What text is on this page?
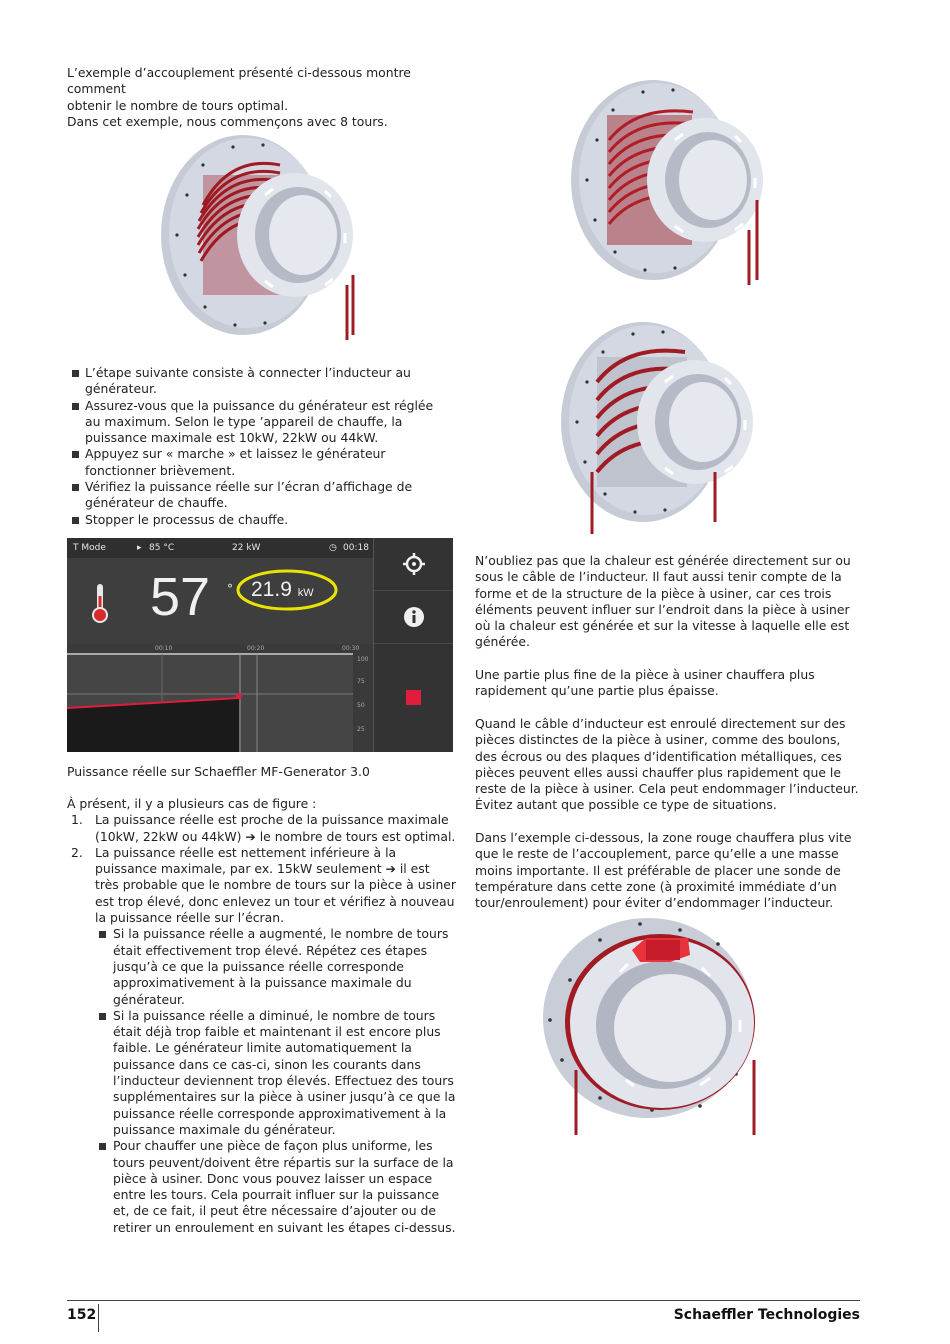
L’exemple d’accouplement présenté ci-dessous montre comment

obtenir le nombre de tours optimal.

Dans cet exemple, nous commençons avec 8 tours.

L’étape suivante consiste à connecter l’inducteur au générateur.
Assurez-vous que la puissance du générateur est réglée au maximum. Selon le type ’appareil de chauffe, la puissance maximale est 10kW, 22kW ou 44kW.
Appuyez sur « marche » et laissez le générateur fonctionner brièvement.
Vérifiez la puissance réelle sur l’écran d’affichage de générateur de chauffe.
Stopper le processus de chauffe.
T Mode	▸ 85 °C	22 kW	◷ 00:18
57 ° 21.9 kW
00:10	00:20	00:30
100
75
50
25
Puissance réelle sur Schaeffler MF-Generator 3.0

À présent, il y a plusieurs cas de figure :

1. La puissance réelle est proche de la puissance maximale (10kW, 22kW ou 44kW) ➔ le nombre de tours est optimal.
2. La puissance réelle est nettement inférieure à la puissance maximale, par ex. 15kW seulement ➔ il est très probable que le nombre de tours sur la pièce à usiner est trop élevé, donc enlevez un tour et vérifiez à nouveau la puissance réelle sur l’écran.
Si la puissance réelle a augmenté, le nombre de tours était effectivement trop élevé. Répétez ces étapes jusqu’à ce que la puissance réelle corresponde approximativement à la puissance maximale du générateur.
Si la puissance réelle a diminué, le nombre de tours était déjà trop faible et maintenant il est encore plus faible. Le générateur limite automatiquement la puissance dans ce cas-ci, sinon les courants dans l’inducteur deviennent trop élevés. Effectuez des tours supplémentaires sur la pièce à usiner jusqu’à ce que la puissance réelle corresponde approximativement à la puissance maximale du générateur.
Pour chauffer une pièce de façon plus uniforme, les tours peuvent/doivent être répartis sur la surface de la pièce à usiner. Donc vous pouvez laisser un espace entre les tours. Cela pourrait influer sur la puissance et, de ce fait, il peut être nécessaire d’ajouter ou de retirer un enroulement en suivant les étapes ci-dessus.

N’oubliez pas que la chaleur est générée directement sur ou sous le câble de l’inducteur. Il faut aussi tenir compte de la forme et de la structure de la pièce à usiner, car ces trois éléments peuvent influer sur l’endroit dans la pièce à usiner où la chaleur est générée et sur la vitesse à laquelle elle est générée.

Une partie plus fine de la pièce à usiner chauffera plus rapidement qu’une partie plus épaisse.

Quand le câble d’inducteur est enroulé directement sur des pièces distinctes de la pièce à usiner, comme des boulons, des écrous ou des plaques d’identification métalliques, ces pièces peuvent elles aussi chauffer plus rapidement que le reste de la pièce à usiner. Cela peut endommager l’inducteur. Évitez autant que possible ce type de situations.

Dans l’exemple ci-dessous, la zone rouge chauffera plus vite que le reste de l’accouplement, parce qu’elle a une masse moins importante. Il est préférable de placer une sonde de température dans cette zone (à proximité immédiate d’un tour/enroulement) pour éviter d’endommager l’inducteur.

152	Schaeffler Technologies
